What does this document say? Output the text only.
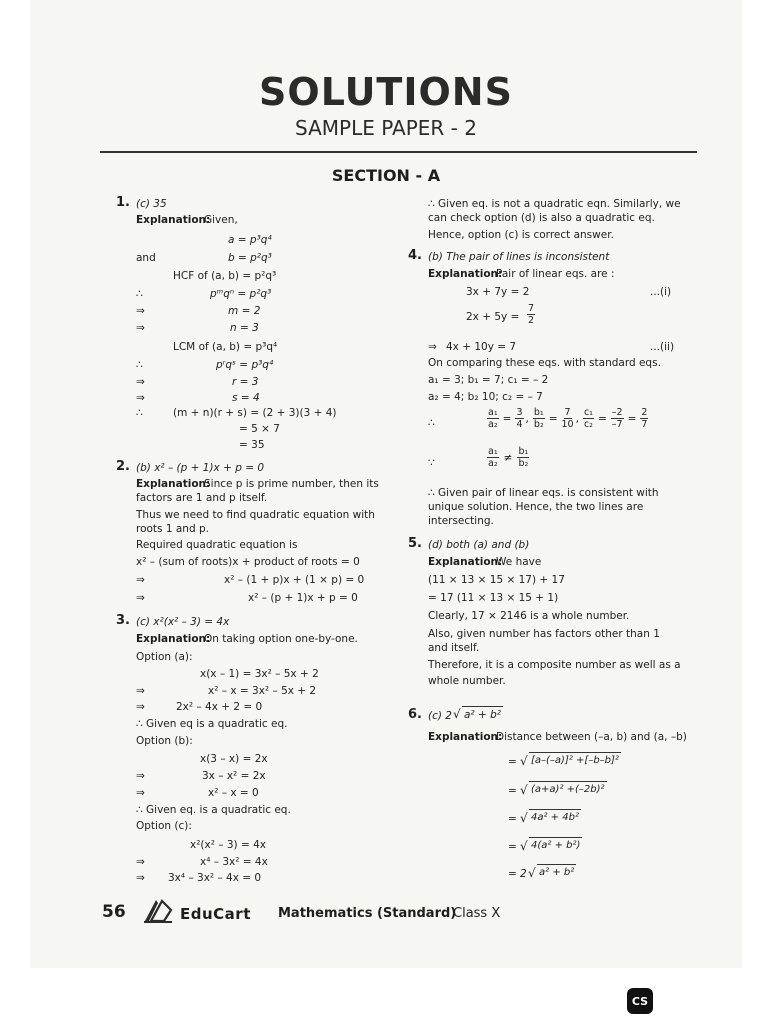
SOLUTIONS
SAMPLE PAPER - 2
SECTION - A
1. (c) 35
Explanation:
Given,
a = p³q⁴
and	b = p²q³
HCF of (a, b) = p²q³
∴	pᵐqⁿ = p²q³
⇒	m = 2
⇒	n = 3
LCM of (a, b) = p³q⁴
∴	pʳqˢ = p³q⁴
⇒	r = 3
⇒	s = 4
∴	(m + n)(r + s) = (2 + 3)(3 + 4)
= 5 × 7
= 35
2. (b) x² – (p + 1)x + p = 0
Explanation:
Since p is prime number, then its
factors are 1 and p itself.
Thus we need to find quadratic equation with
roots 1 and p.
Required quadratic equation is
x² – (sum of roots)x + product of roots = 0
⇒	x² – (1 + p)x + (1 × p) = 0
⇒	x² – (p + 1)x + p = 0
3. (c) x²(x² – 3) = 4x
Explanation:
On taking option one-by-one.
Option (a):
x(x – 1) = 3x² – 5x + 2
⇒	x² – x = 3x² – 5x + 2
⇒	2x² – 4x + 2 = 0
∴ Given eq is a quadratic eq.
Option (b):
x(3 – x) = 2x
⇒	3x – x² = 2x
⇒	x² – x = 0
∴ Given eq. is a quadratic eq.
Option (c):
x²(x² – 3) = 4x
⇒	x⁴ – 3x² = 4x
⇒ 3x⁴ – 3x² – 4x = 0
∴ Given eq. is not a quadratic eqn. Similarly, we
can check option (d) is also a quadratic eq.
Hence, option (c) is correct answer.
4. (b) The pair of lines is inconsistent
Explanation:
Pair of linear eqs. are :
3x + 7y = 2	...(i)
$2x + 5y = \frac{7}{2}$
⇒ 4x + 10y = 7	...(ii)
On comparing these eqs. with standard eqs.
a₁ = 3; b₁ = 7; c₁ = – 2
a₂ = 4; b₂ 10; c₂ = – 7
∴	$\frac{\text{a₁}}{\text{a₂}} = \frac{3}{4}$ , $\frac{\text{b₁}}{\text{b₂}} = \frac{7}{10}$ , $\frac{\text{c₁}}{\text{c₂}} = \frac{-2}{-7} = \frac{2}{7}$
∵	$\frac{\text{a₁}}{\text{a₂}} \ne \frac{\text{b₁}}{\text{b₂}}$
∴ Given pair of linear eqs. is consistent with
unique solution. Hence, the two lines are
intersecting.
5. (d) both (a) and (b)
Explanation:
We have
(11 × 13 × 15 × 17) + 17
= 17 (11 × 13 × 15 + 1)
Clearly, 17 × 2146 is a whole number.
Also, given number has factors other than 1
and itself.
Therefore, it is a composite number as well as a
whole number.
6. (c) 2 a² + b²
√
Explanation:
Distance between (–a, b) and (a, –b)
= √ [a–(–a)]² +[–b–b]²
= √ (a+a)² +(–2b)²
= √ 4a² + 4b²
= √ 4(a² + b²)
= 2 √ a² + b²
56	EduCart Mathematics (Standard)
Class X
CS
